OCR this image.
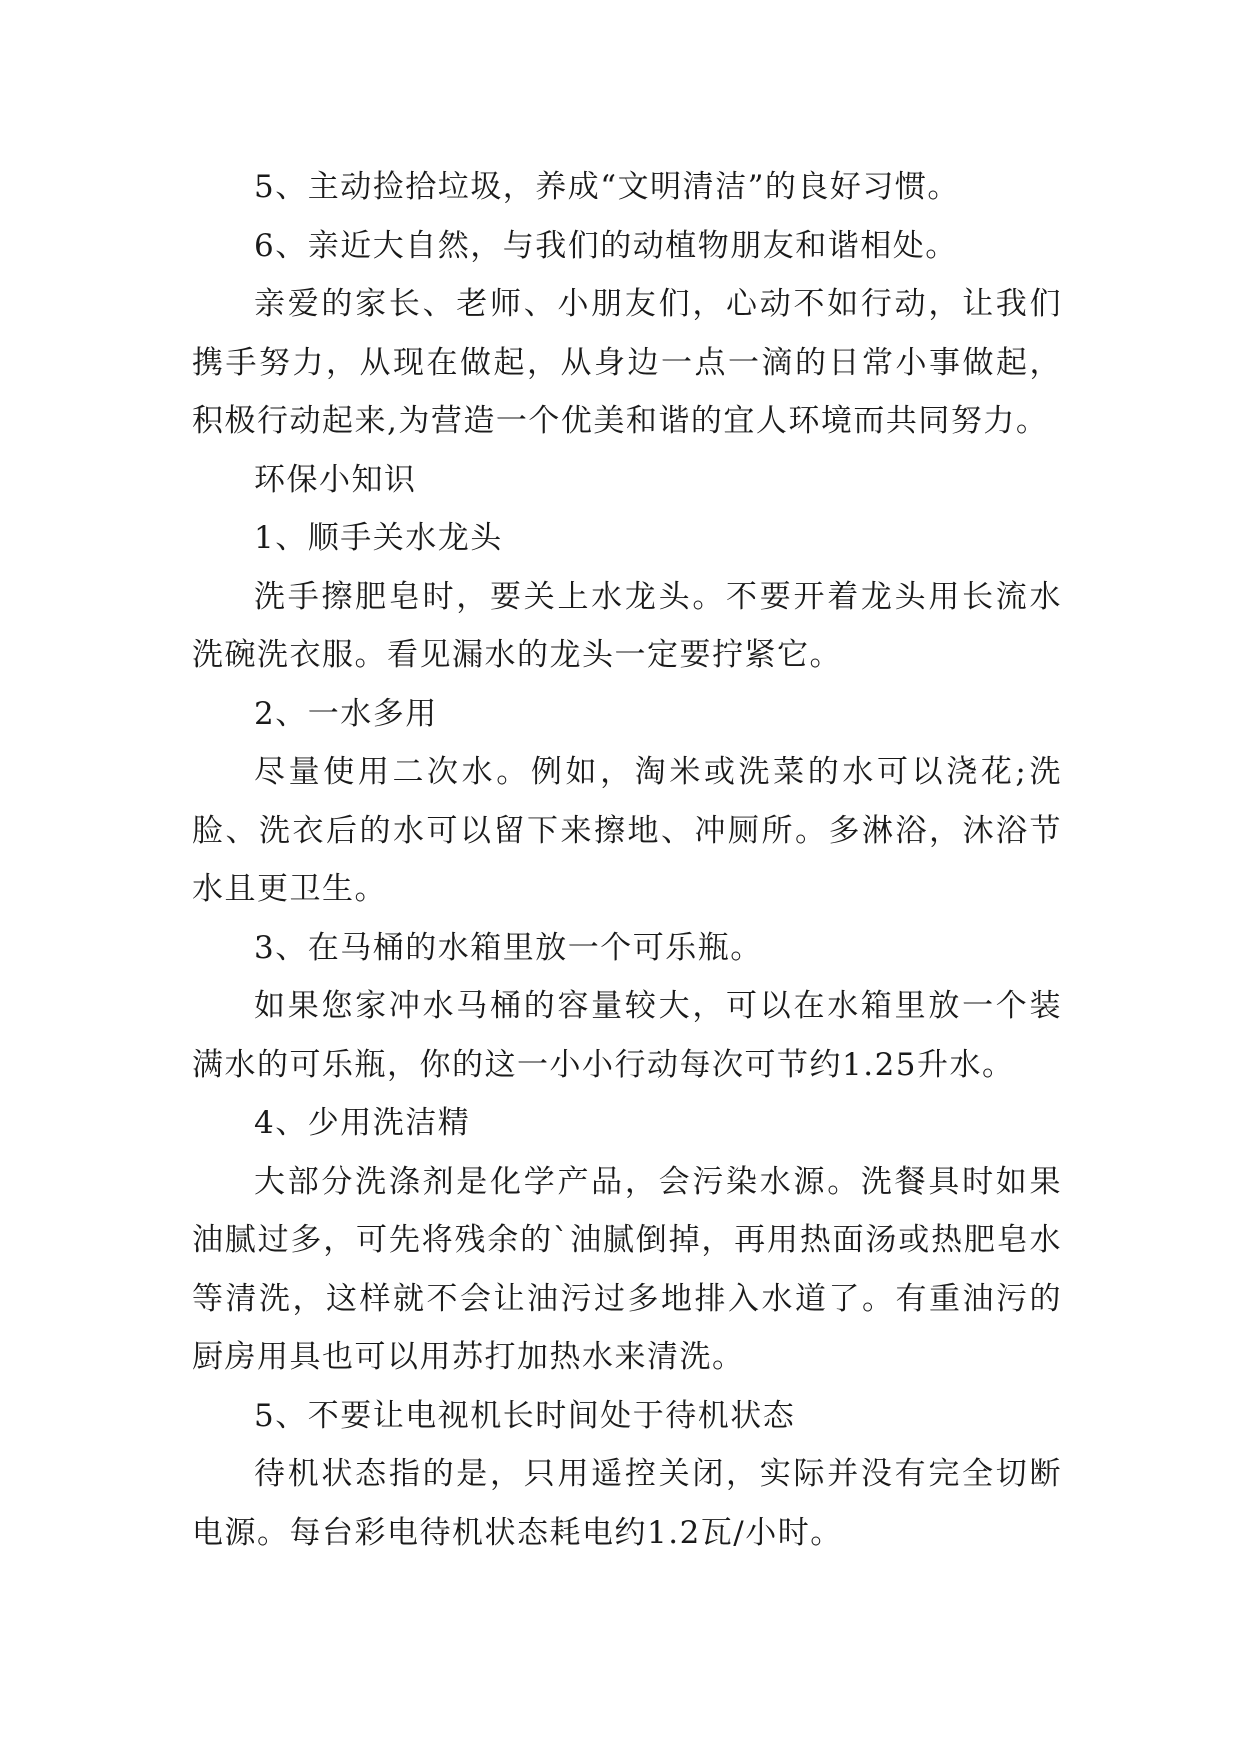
5、主动捡拾垃圾，养成“文明清洁”的良好习惯。

6、亲近大自然，与我们的动植物朋友和谐相处。

亲爱的家长、老师、小朋友们，心动不如行动，让我们携手努力，从现在做起，从身边一点一滴的日常小事做起，积极行动起来,为营造一个优美和谐的宜人环境而共同努力。

环保小知识

1、顺手关水龙头

洗手擦肥皂时，要关上水龙头。不要开着龙头用长流水洗碗洗衣服。看见漏水的龙头一定要拧紧它。

2、一水多用

尽量使用二次水。例如，淘米或洗菜的水可以浇花;洗脸、洗衣后的水可以留下来擦地、冲厕所。多淋浴，沐浴节水且更卫生。

3、在马桶的水箱里放一个可乐瓶。

如果您家冲水马桶的容量较大，可以在水箱里放一个装满水的可乐瓶，你的这一小小行动每次可节约1.25升水。

4、少用洗洁精

大部分洗涤剂是化学产品，会污染水源。洗餐具时如果油腻过多，可先将残余的`油腻倒掉，再用热面汤或热肥皂水等清洗，这样就不会让油污过多地排入水道了。有重油污的厨房用具也可以用苏打加热水来清洗。

5、不要让电视机长时间处于待机状态

待机状态指的是，只用遥控关闭，实际并没有完全切断电源。每台彩电待机状态耗电约1.2瓦/小时。
